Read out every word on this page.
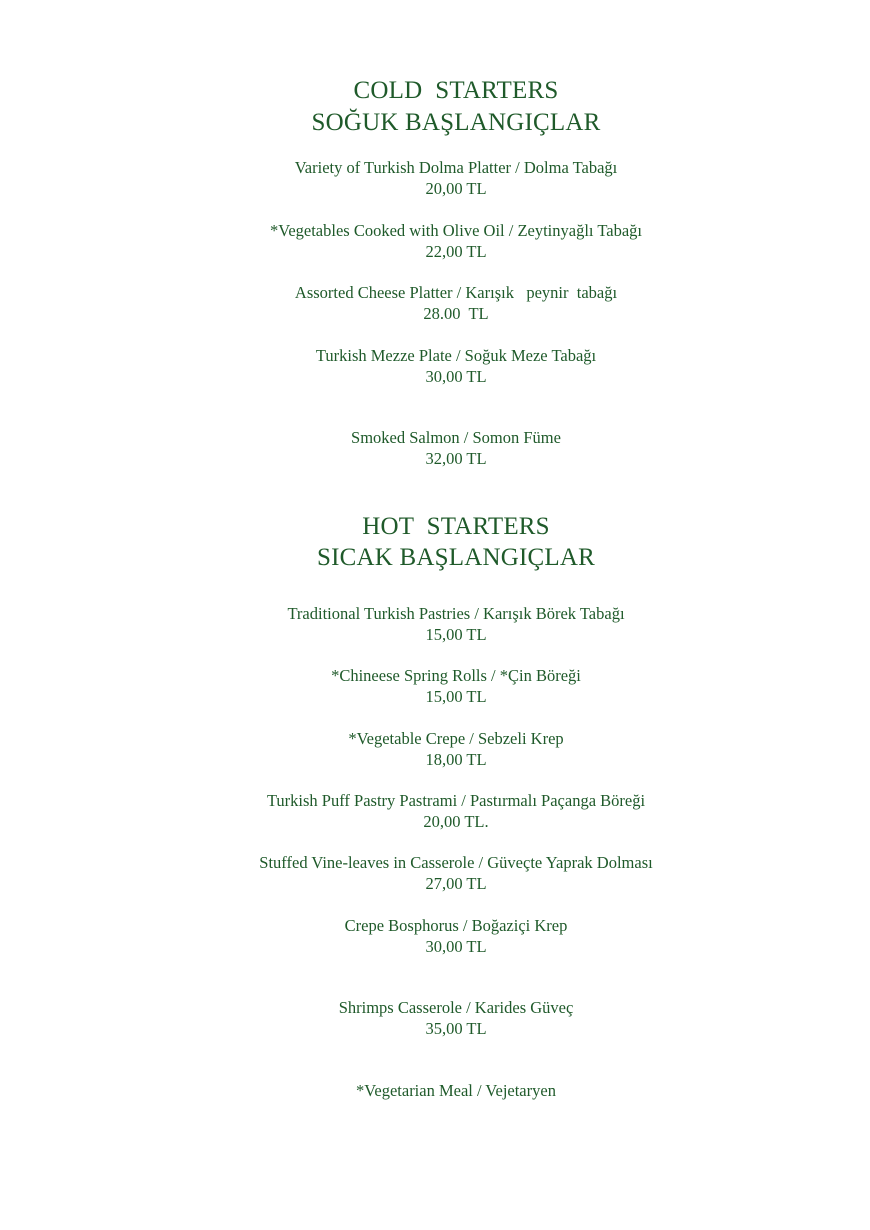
COLD  STARTERS
SOĞUK BAŞLANGIÇLAR
Variety of Turkish Dolma Platter / Dolma Tabağı
20,00 TL
*Vegetables Cooked with Olive Oil / Zeytinyağlı Tabağı
22,00 TL
Assorted Cheese Platter / Karışık   peynir  tabağı
28.00  TL
Turkish Mezze Plate / Soğuk Meze Tabağı
30,00 TL
Smoked Salmon / Somon Füme
32,00 TL
HOT  STARTERS
SICAK BAŞLANGIÇLAR
Traditional Turkish Pastries / Karışık Börek Tabağı
15,00 TL
*Chineese Spring Rolls / *Çin Böreği
15,00 TL
*Vegetable Crepe / Sebzeli Krep
18,00 TL
Turkish Puff Pastry Pastrami / Pastırmalı Paçanga Böreği
20,00 TL.
Stuffed Vine-leaves in Casserole / Güveçte Yaprak Dolması
27,00 TL
Crepe Bosphorus / Boğaziçi Krep
30,00 TL
Shrimps Casserole / Karides Güveç
35,00 TL
*Vegetarian Meal / Vejetaryen
